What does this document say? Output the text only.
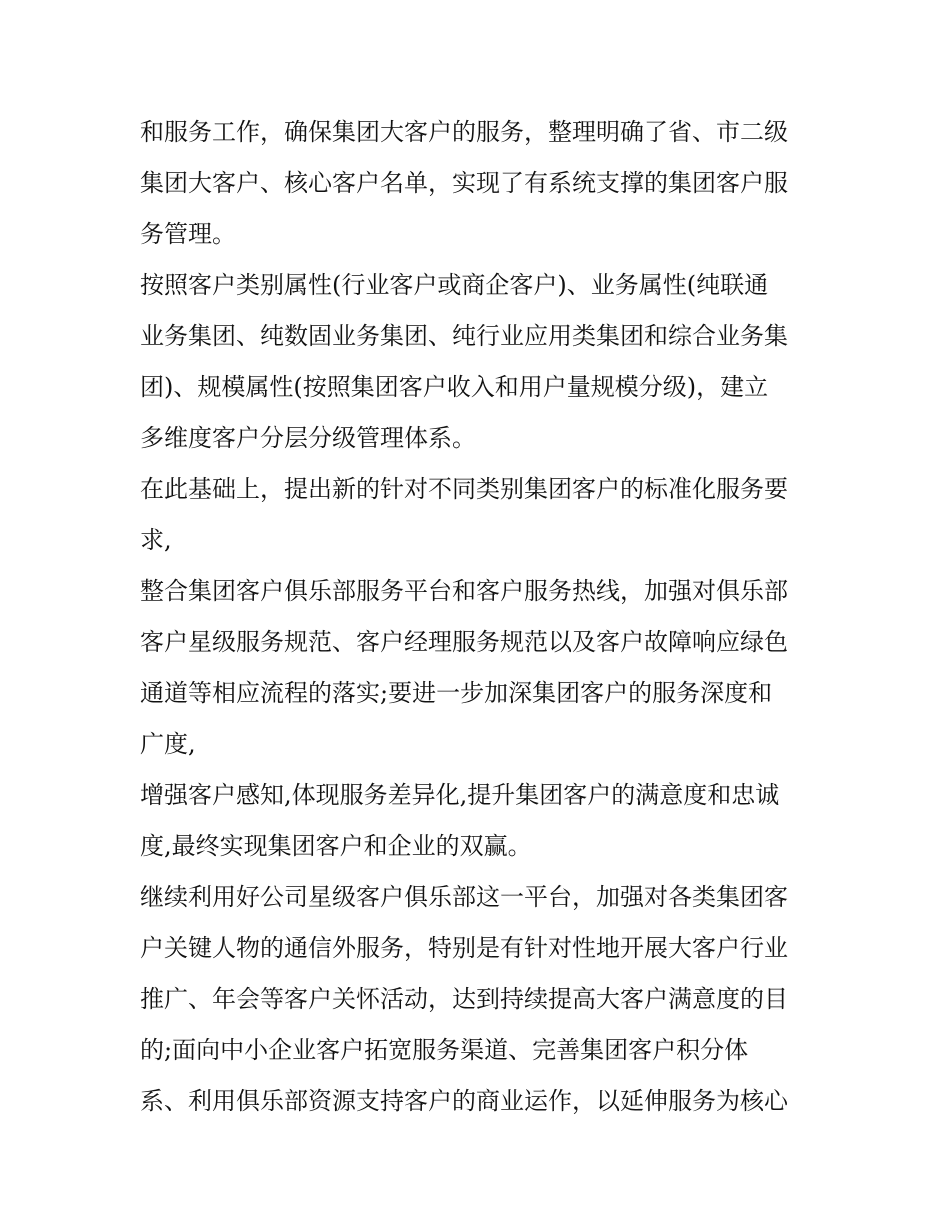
和服务工作，确保集团大客户的服务，整理明确了省、市二级
集团大客户、核心客户名单，实现了有系统支撑的集团客户服
务管理。
按照客户类别属性(行业客户或商企客户)、业务属性(纯联通
业务集团、纯数固业务集团、纯行业应用类集团和综合业务集
团)、规模属性(按照集团客户收入和用户量规模分级)，建立
多维度客户分层分级管理体系。
在此基础上，提出新的针对不同类别集团客户的标准化服务要
求,
整合集团客户俱乐部服务平台和客户服务热线，加强对俱乐部
客户星级服务规范、客户经理服务规范以及客户故障响应绿色
通道等相应流程的落实;要进一步加深集团客户的服务深度和
广度,
增强客户感知,体现服务差异化,提升集团客户的满意度和忠诚
度,最终实现集团客户和企业的双赢。
继续利用好公司星级客户俱乐部这一平台，加强对各类集团客
户关键人物的通信外服务，特别是有针对性地开展大客户行业
推广、年会等客户关怀活动，达到持续提高大客户满意度的目
的;面向中小企业客户拓宽服务渠道、完善集团客户积分体
系、利用俱乐部资源支持客户的商业运作，以延伸服务为核心
